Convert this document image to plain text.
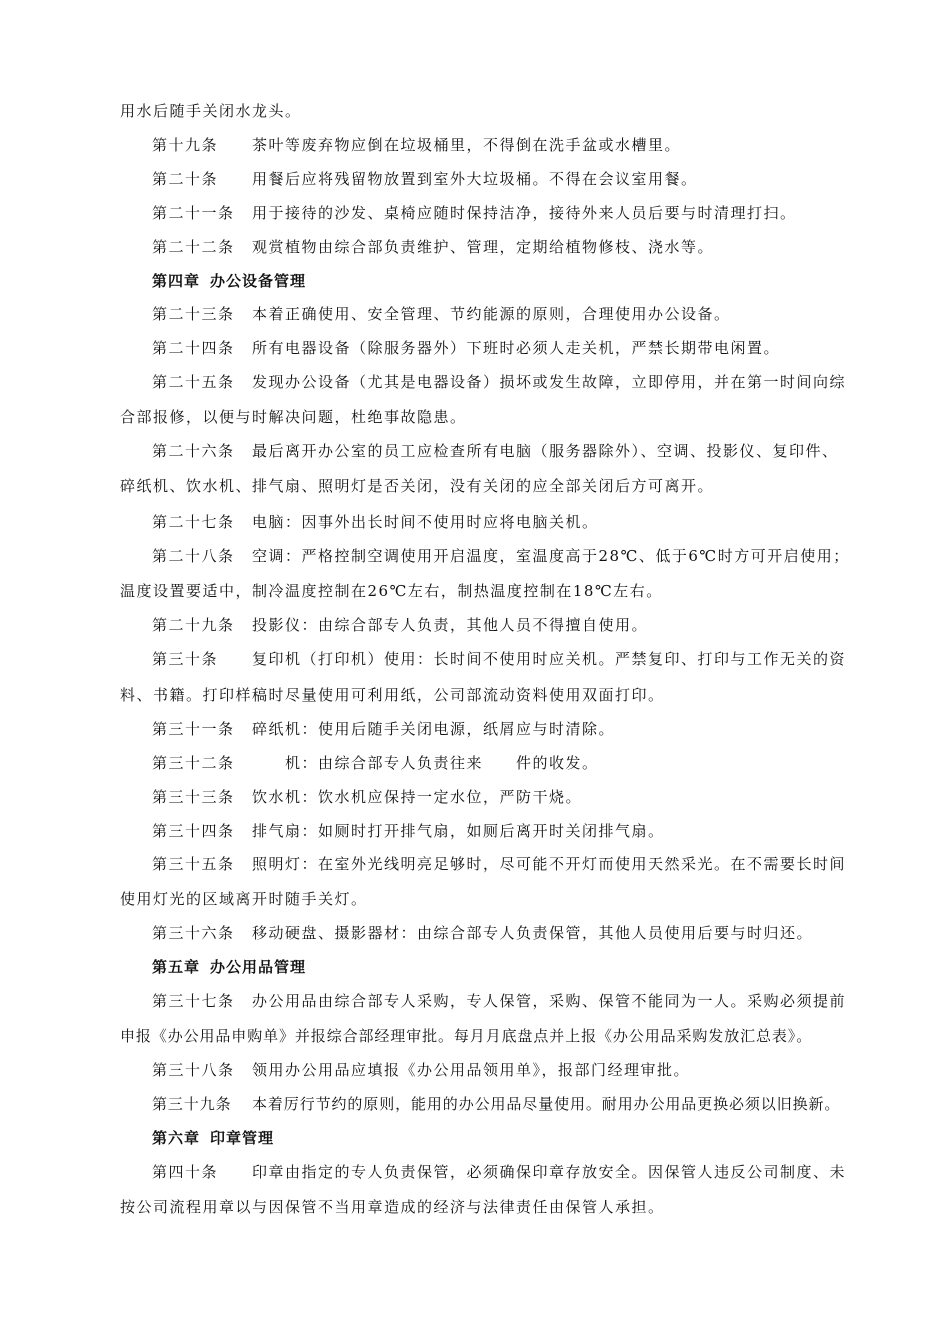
用水后随手关闭水龙头。
第十九条 茶叶等废弃物应倒在垃圾桶里，不得倒在洗手盆或水槽里。
第二十条 用餐后应将残留物放置到室外大垃圾桶。不得在会议室用餐。
第二十一条 用于接待的沙发、桌椅应随时保持洁净，接待外来人员后要与时清理打扫。
第二十二条 观赏植物由综合部负责维护、管理，定期给植物修枝、浇水等。
第四章 办公设备管理
第二十三条 本着正确使用、安全管理、节约能源的原则，合理使用办公设备。
第二十四条 所有电器设备（除服务器外）下班时必须人走关机，严禁长期带电闲置。
第二十五条 发现办公设备（尤其是电器设备）损坏或发生故障，立即停用，并在第一时间向综
合部报修，以便与时解决问题，杜绝事故隐患。
第二十六条 最后离开办公室的员工应检查所有电脑（服务器除外）、空调、投影仪、复印件、
碎纸机、饮水机、排气扇、照明灯是否关闭，没有关闭的应全部关闭后方可离开。
第二十七条 电脑：因事外出长时间不使用时应将电脑关机。
第二十八条 空调：严格控制空调使用开启温度，室温度高于28℃、低于6℃时方可开启使用；
温度设置要适中，制冷温度控制在26℃左右，制热温度控制在18℃左右。
第二十九条 投影仪：由综合部专人负责，其他人员不得擅自使用。
第三十条 复印机（打印机）使用：长时间不使用时应关机。严禁复印、打印与工作无关的资
料、书籍。打印样稿时尽量使用可利用纸，公司部流动资料使用双面打印。
第三十一条 碎纸机：使用后随手关闭电源，纸屑应与时清除。
第三十二条　　机：由综合部专人负责往来　　件的收发。
第三十三条 饮水机：饮水机应保持一定水位，严防干烧。
第三十四条 排气扇：如厕时打开排气扇，如厕后离开时关闭排气扇。
第三十五条 照明灯：在室外光线明亮足够时，尽可能不开灯而使用天然采光。在不需要长时间
使用灯光的区域离开时随手关灯。
第三十六条 移动硬盘、摄影器材：由综合部专人负责保管，其他人员使用后要与时归还。
第五章 办公用品管理
第三十七条 办公用品由综合部专人采购，专人保管，采购、保管不能同为一人。采购必须提前
申报《办公用品申购单》并报综合部经理审批。每月月底盘点并上报《办公用品采购发放汇总表》。
第三十八条 领用办公用品应填报《办公用品领用单》，报部门经理审批。
第三十九条 本着厉行节约的原则，能用的办公用品尽量使用。耐用办公用品更换必须以旧换新。
第六章 印章管理
第四十条 印章由指定的专人负责保管，必须确保印章存放安全。因保管人违反公司制度、未
按公司流程用章以与因保管不当用章造成的经济与法律责任由保管人承担。
